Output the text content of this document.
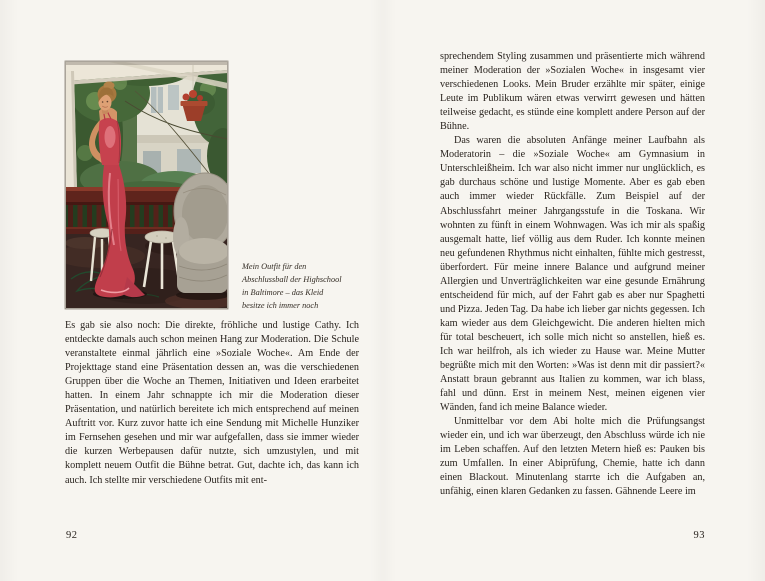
Mein Outfit für den Abschlussball der Highschool in Baltimore – das Kleid besitze ich immer noch

Es gab sie also noch: Die direkte, fröhliche und lustige Cathy. Ich entdeckte damals auch schon meinen Hang zur Moderation. Die Schule veranstaltete einmal jährlich eine »Soziale Woche«. Am Ende der Projekttage stand eine Präsentation dessen an, was die verschiedenen Gruppen über die Woche an Themen, Initiativen und Ideen erarbeitet hatten. In einem Jahr schnappte ich mir die Moderation dieser Präsentation, und natürlich bereitete ich mich entsprechend auf meinen Auftritt vor. Kurz zuvor hatte ich eine Sendung mit Michelle Hunziker im Fernsehen gesehen und mir war aufgefallen, dass sie immer wieder die kurzen Werbepausen dafür nutzte, sich umzustylen, und mit komplett neuem Outfit die Bühne betrat. Gut, dachte ich, das kann ich auch. Ich stellte mir verschiedene Outfits mit ent-

92

sprechendem Styling zusammen und präsentierte mich während meiner Moderation der »Sozialen Woche« in insgesamt vier verschiedenen Looks. Mein Bruder erzählte mir später, einige Leute im Publikum wären etwas verwirrt gewesen und hätten teilweise gedacht, es stünde eine komplett andere Person auf der Bühne.

Das waren die absoluten Anfänge meiner Laufbahn als Moderatorin – die »Soziale Woche« am Gymnasium in Unterschleißheim. Ich war also nicht immer nur unglücklich, es gab durchaus schöne und lustige Momente. Aber es gab eben auch immer wieder Rückfälle. Zum Beispiel auf der Abschlussfahrt meiner Jahrgangsstufe in die Toskana. Wir wohnten zu fünft in einem Wohnwagen. Was ich mir als spaßig ausgemalt hatte, lief völlig aus dem Ruder. Ich konnte meinen neu gefundenen Rhythmus nicht einhalten, fühlte mich gestresst, überfordert. Für meine innere Balance und aufgrund meiner Allergien und Unverträglichkeiten war eine gesunde Ernährung entscheidend für mich, auf der Fahrt gab es aber nur Spaghetti und Pizza. Jeden Tag. Da habe ich lieber gar nichts gegessen. Ich kam wieder aus dem Gleichgewicht. Die anderen hielten mich für total bescheuert, ich solle mich nicht so anstellen, hieß es. Ich war heilfroh, als ich wieder zu Hause war. Meine Mutter begrüßte mich mit den Worten: »Was ist denn mit dir passiert?« Anstatt braun gebrannt aus Italien zu kommen, war ich blass, fahl und dünn. Erst in meinem Nest, meinen eigenen vier Wänden, fand ich meine Balance wieder.

Unmittelbar vor dem Abi holte mich die Prüfungsangst wieder ein, und ich war überzeugt, den Abschluss würde ich nie im Leben schaffen. Auf den letzten Metern hieß es: Pauken bis zum Umfallen. In einer Abiprüfung, Chemie, hatte ich dann einen Blackout. Minutenlang starrte ich die Aufgaben an, unfähig, einen klaren Gedanken zu fassen. Gähnende Leere im

93
